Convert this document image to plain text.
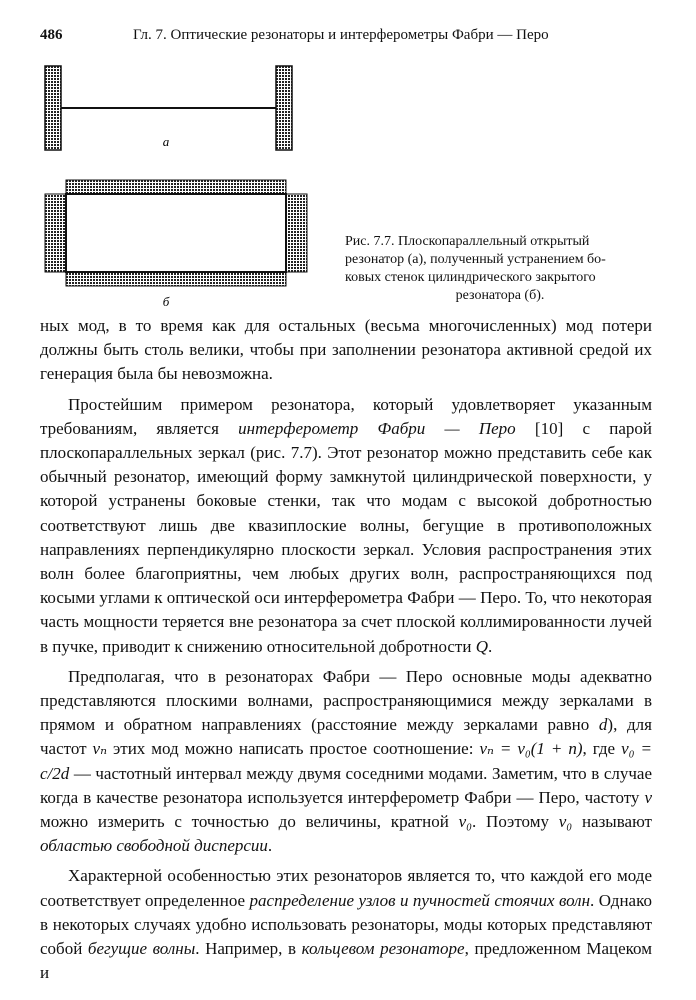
486	Гл. 7. Оптические резонаторы и интерферометры Фабри — Перо
а
б
Рис. 7.7. Плоскопараллельный открытый
резонатор (а), полученный устранением бо-
ковых стенок цилиндрического закрытого
резонатора (б).

ных мод, в то время как для остальных (весьма многочисленных) мод потери должны быть столь велики, чтобы при заполнении резонатора активной средой их генерация была бы невозможна.

Простейшим примером резонатора, который удовлетворяет указанным требованиям, является интерферометр Фабри — Перо [10] с парой плоскопараллельных зеркал (рис. 7.7). Этот резонатор можно представить себе как обычный резонатор, имеющий форму замкнутой цилиндрической поверхности, у которой устранены боковые стенки, так что модам с высокой добротностью соответствуют лишь две квазиплоские волны, бегущие в противоположных направлениях перпендикулярно плоскости зеркал. Условия распространения этих волн более благоприятны, чем любых других волн, распространяющихся под косыми углами к оптической оси интерферометра Фабри — Перо. То, что некоторая часть мощности теряется вне резонатора за счет плоской коллимированности лучей в пучке, приводит к снижению относительной добротности Q.

Предполагая, что в резонаторах Фабри — Перо основные моды адекватно представляются плоскими волнами, распространяющимися между зеркалами в прямом и обратном направлениях (расстояние между зеркалами равно d), для частот νₙ этих мод можно написать простое соотношение: νₙ = ν₀(1 + n), где ν₀ = c/2d — частотный интервал между двумя соседними модами. Заметим, что в случае когда в качестве резонатора используется интерферометр Фабри — Перо, частоту ν можно измерить с точностью до величины, кратной ν₀. Поэтому ν₀ называют областью свободной дисперсии.

Характерной особенностью этих резонаторов является то, что каждой его моде соответствует определенное распределение узлов и пучностей стоячих волн. Однако в некоторых случаях удобно использовать резонаторы, моды которых представляют собой бегущие волны. Например, в кольцевом резонаторе, предложенном Мацеком и
